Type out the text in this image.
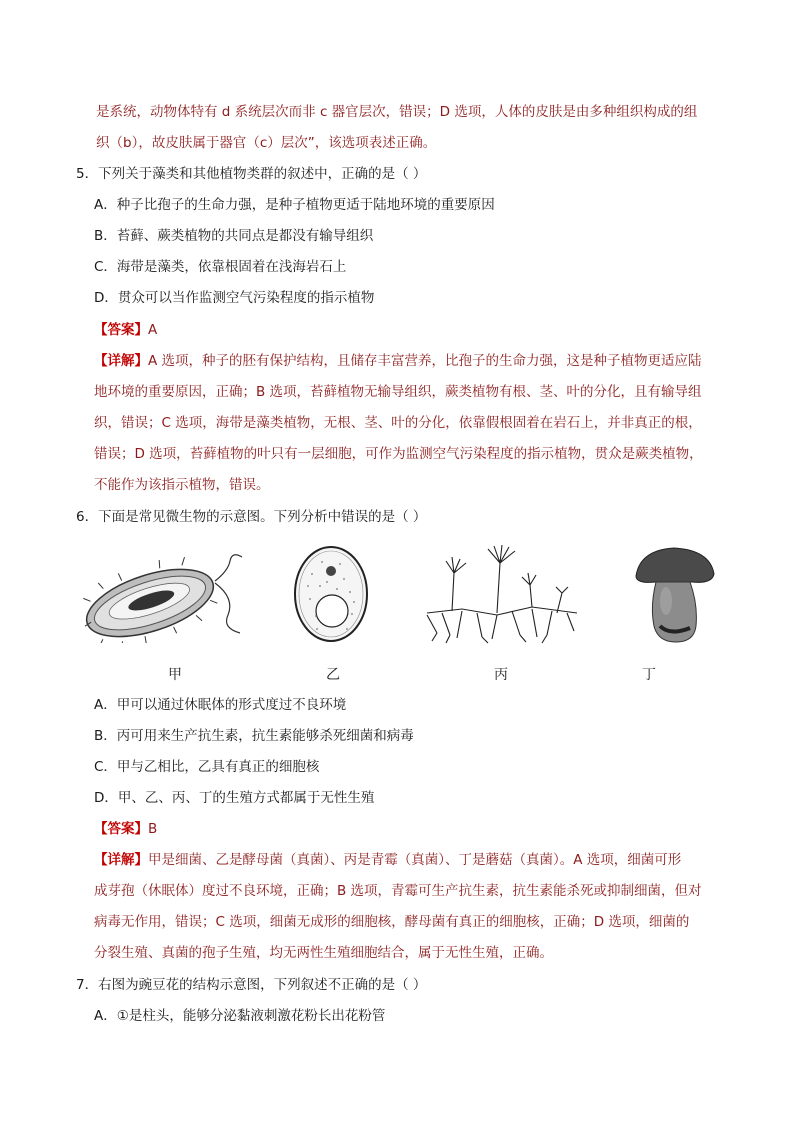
是系统，动物体特有 d 系统层次而非 c 器官层次，错误；D 选项，人体的皮肤是由多种组织构成的组
织（b），故皮肤属于器官（c）层次”，该选项表述正确。
5．下列关于藻类和其他植物类群的叙述中，正确的是（ ）
A．种子比孢子的生命力强，是种子植物更适于陆地环境的重要原因
B．苔藓、蕨类植物的共同点是都没有输导组织
C．海带是藻类，依靠根固着在浅海岩石上
D．贯众可以当作监测空气污染程度的指示植物
【答案】A
【详解】A 选项，种子的胚有保护结构，且储存丰富营养，比孢子的生命力强，这是种子植物更适应陆
地环境的重要原因，正确；B 选项，苔藓植物无输导组织，蕨类植物有根、茎、叶的分化，且有输导组
织，错误；C 选项，海带是藻类植物，无根、茎、叶的分化，依靠假根固着在岩石上，并非真正的根，
错误；D 选项，苔藓植物的叶只有一层细胞，可作为监测空气污染程度的指示植物，贯众是蕨类植物，
不能作为该指示植物，错误。
6．下面是常见微生物的示意图。下列分析中错误的是（ ）
甲	乙	丙	丁
A．甲可以通过休眠体的形式度过不良环境
B．丙可用来生产抗生素，抗生素能够杀死细菌和病毒
C．甲与乙相比，乙具有真正的细胞核
D．甲、乙、丙、丁的生殖方式都属于无性生殖
【答案】B
【详解】甲是细菌、乙是酵母菌（真菌）、丙是青霉（真菌）、丁是蘑菇（真菌）。A 选项，细菌可形
成芽孢（休眠体）度过不良环境，正确；B 选项，青霉可生产抗生素，抗生素能杀死或抑制细菌，但对
病毒无作用，错误；C 选项，细菌无成形的细胞核，酵母菌有真正的细胞核，正确；D 选项，细菌的
分裂生殖、真菌的孢子生殖，均无两性生殖细胞结合，属于无性生殖，正确。
7．右图为豌豆花的结构示意图，下列叙述不正确的是（ ）
A．①是柱头，能够分泌黏液刺激花粉长出花粉管
